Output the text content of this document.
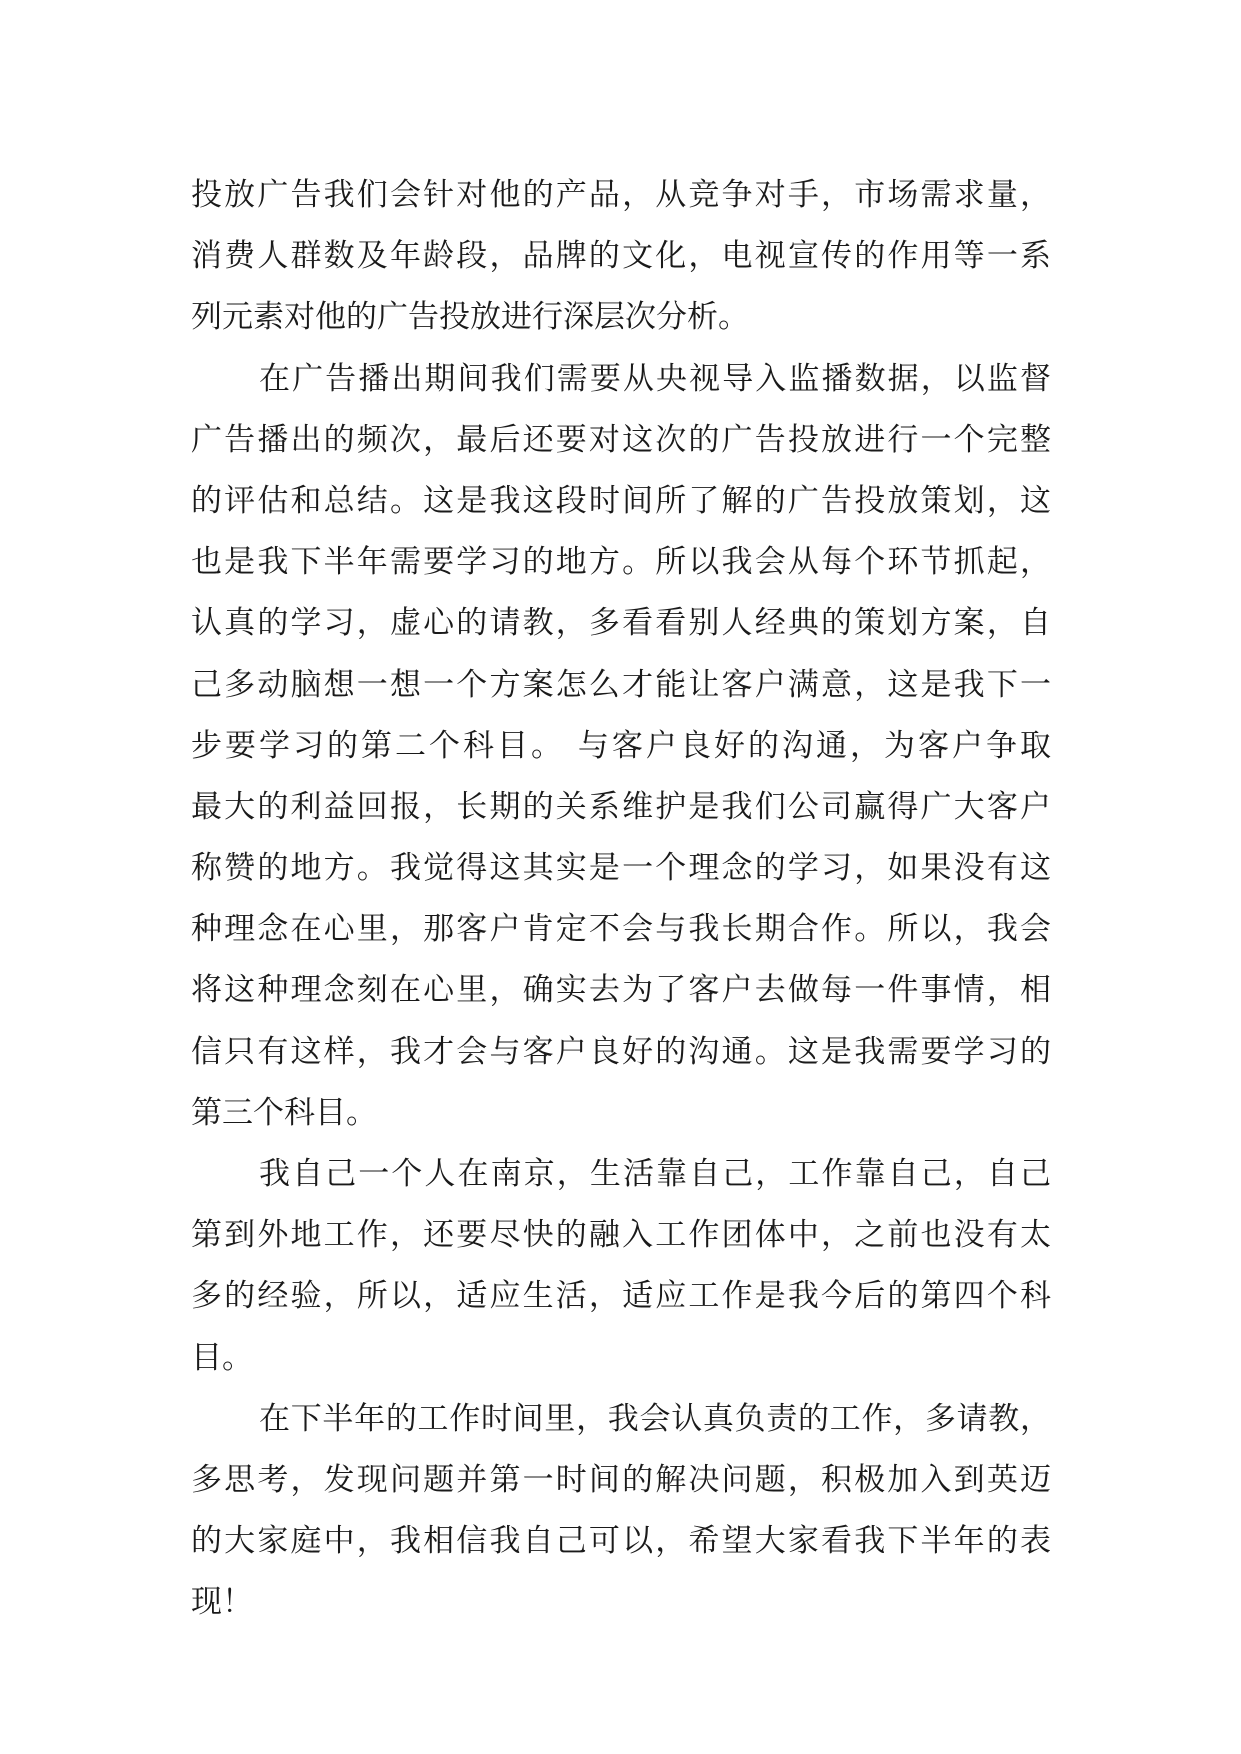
投放广告我们会针对他的产品，从竞争对手，市场需求量，
消费人群数及年龄段，品牌的文化，电视宣传的作用等一系
列元素对他的广告投放进行深层次分析。
在广告播出期间我们需要从央视导入监播数据，以监督
广告播出的频次，最后还要对这次的广告投放进行一个完整
的评估和总结。这是我这段时间所了解的广告投放策划，这
也是我下半年需要学习的地方。所以我会从每个环节抓起，
认真的学习，虚心的请教，多看看别人经典的策划方案，自
己多动脑想一想一个方案怎么才能让客户满意，这是我下一
步要学习的第二个科目。 与客户良好的沟通，为客户争取
最大的利益回报，长期的关系维护是我们公司赢得广大客户
称赞的地方。我觉得这其实是一个理念的学习，如果没有这
种理念在心里，那客户肯定不会与我长期合作。所以，我会
将这种理念刻在心里，确实去为了客户去做每一件事情，相
信只有这样，我才会与客户良好的沟通。这是我需要学习的
第三个科目。
我自己一个人在南京，生活靠自己，工作靠自己，自己
第到外地工作，还要尽快的融入工作团体中，之前也没有太
多的经验，所以，适应生活，适应工作是我今后的第四个科
目。
在下半年的工作时间里，我会认真负责的工作，多请教，
多思考，发现问题并第一时间的解决问题，积极加入到英迈
的大家庭中，我相信我自己可以，希望大家看我下半年的表
现！
